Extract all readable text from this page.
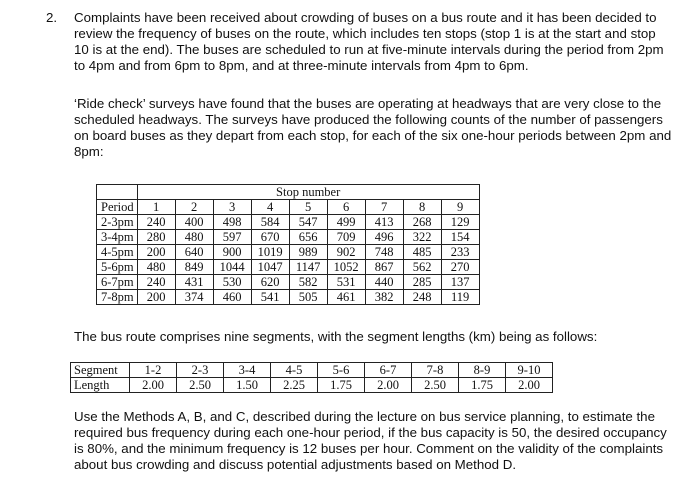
2. Complaints have been received about crowding of buses on a bus route and it has been decided to review the frequency of buses on the route, which includes ten stops (stop 1 is at the start and stop 10 is at the end). The buses are scheduled to run at five-minute intervals during the period from 2pm to 4pm and from 6pm to 8pm, and at three-minute intervals from 4pm to 6pm.

‘Ride check’ surveys have found that the buses are operating at headways that are very close to the scheduled headways. The surveys have produced the following counts of the number of passengers on board buses as they depart from each stop, for each of the six one-hour periods between 2pm and 8pm:

	Stop number								
Period	1	2	3	4	5	6	7	8	9
2-3pm	240	400	498	584	547	499	413	268	129
3-4pm	280	480	597	670	656	709	496	322	154
4-5pm	200	640	900	1019	989	902	748	485	233
5-6pm	480	849	1044	1047	1147	1052	867	562	270
6-7pm	240	431	530	620	582	531	440	285	137
7-8pm	200	374	460	541	505	461	382	248	119

The bus route comprises nine segments, with the segment lengths (km) being as follows:

Segment	1-2	2-3	3-4	4-5	5-6	6-7	7-8	8-9	9-10
Length	2.00	2.50	1.50	2.25	1.75	2.00	2.50	1.75	2.00

Use the Methods A, B, and C, described during the lecture on bus service planning, to estimate the required bus frequency during each one-hour period, if the bus capacity is 50, the desired occupancy is 80%, and the minimum frequency is 12 buses per hour. Comment on the validity of the complaints about bus crowding and discuss potential adjustments based on Method D.
